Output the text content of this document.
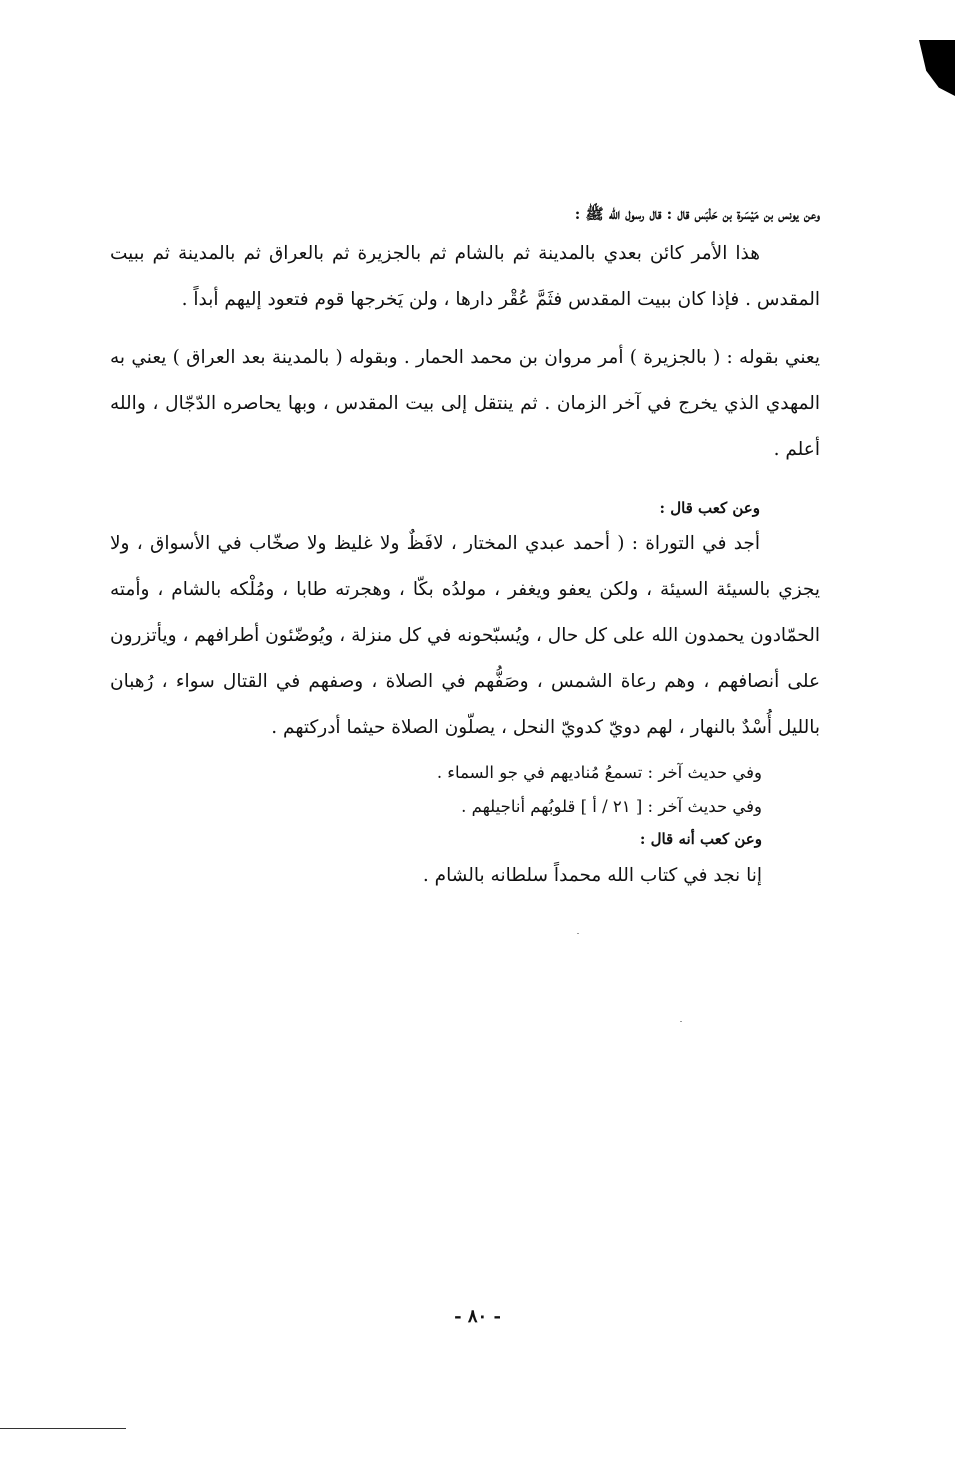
وعن يونس بن مَيْسَرة بن حَلْبَس قال : قال رسول الله ﷺ :
هذا الأمر كائن بعدي بالمدينة ثم بالشام ثم بالجزيرة ثم بالعراق ثم بالمدينة ثم ببيت المقدس . فإذا كان ببيت المقدس فثَمَّ عُقْر دارها ، ولن يَخرجها قوم فتعود إليهم أبداً .
يعني بقوله : ( بالجزيرة ) أمر مروان بن محمد الحمار . وبقوله ( بالمدينة بعد العراق ) يعني به المهدي الذي يخرج في آخر الزمان . ثم ينتقل إلى بيت المقدس ، وبها يحاصره الدّجّال ، والله أعلم .
وعن كعب قال :
أجد في التوراة : ( أحمد عبدي المختار ، لافَظٌ ولا غليظ ولا صخّاب في الأسواق ، ولا يجزي بالسيئة السيئة ، ولكن يعفو ويغفر ، مولدُه بكّا ، وهجرته طابا ، ومُلْكه بالشام ، وأمته الحمّادون يحمدون الله على كل حال ، ويُسبّحونه في كل منزلة ، ويُوضّئون أطرافهم ، ويأتزرون على أنصافهم ، وهم رعاة الشمس ، وصَفُّهم في الصلاة ، وصفهم في القتال سواء ، رُهبان بالليل أُسْدٌ بالنهار ، لهم دويّ كدويّ النحل ، يصلّون الصلاة حيثما أدركتهم .
وفي حديث آخر : تسمعُ مُناديهم في جو السماء .
وفي حديث آخر : [ ٢١ / أ ] قلوبُهم أناجيلهم .
وعن كعب أنه قال :
إنا نجد في كتاب الله محمداً سلطانه بالشام .
- ٨٠ -
